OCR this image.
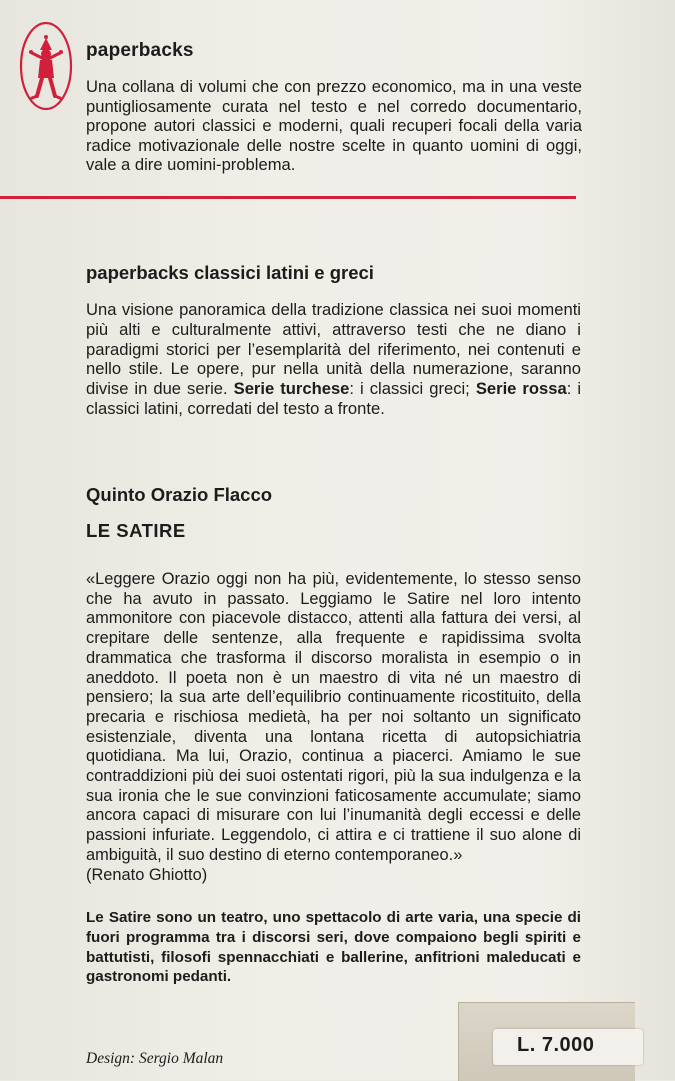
paperbacks
Una collana di volumi che con prezzo economico, ma in una veste puntigliosamente curata nel testo e nel corredo documentario, propone autori classici e moderni, quali recuperi focali della varia radice motivazionale delle nostre scelte in quanto uomini di oggi, vale a dire uomini-problema.
paperbacks classici latini e greci
Una visione panoramica della tradizione classica nei suoi momenti più alti e culturalmente attivi, attraverso testi che ne diano i paradigmi storici per l’esemplarità del riferimento, nei contenuti e nello stile. Le opere, pur nella unità della numerazione, saranno divise in due serie. Serie turchese: i classici greci; Serie rossa: i classici latini, corredati del testo a fronte.
Quinto Orazio Flacco
LE SATIRE
«Leggere Orazio oggi non ha più, evidentemente, lo stesso senso che ha avuto in passato. Leggiamo le Satire nel loro intento ammonitore con piacevole distacco, attenti alla fattura dei versi, al crepitare delle sentenze, alla frequente e rapidissima svolta drammatica che trasforma il discorso moralista in esempio o in aneddoto. Il poeta non è un maestro di vita né un maestro di pensiero; la sua arte dell’equilibrio continuamente ricostituito, della precaria e rischiosa medietà, ha per noi soltanto un significato esistenziale, diventa una lontana ricetta di autopsichiatria quotidiana. Ma lui, Orazio, continua a piacerci. Amiamo le sue contraddizioni più dei suoi ostentati rigori, più la sua indulgenza e la sua ironia che le sue convinzioni faticosamente accumulate; siamo ancora capaci di misurare con lui l’inumanità degli eccessi e delle passioni infuriate. Leggendolo, ci attira e ci trattiene il suo alone di ambiguità, il suo destino di eterno contemporaneo.»
(Renato Ghiotto)
Le Satire sono un teatro, uno spettacolo di arte varia, una specie di fuori programma tra i discorsi seri, dove compaiono begli spiriti e battutisti, filosofi spennacchiati e ballerine, anfitrioni maleducati e gastronomi pedanti.
Design: Sergio Malan
L. 7.000
